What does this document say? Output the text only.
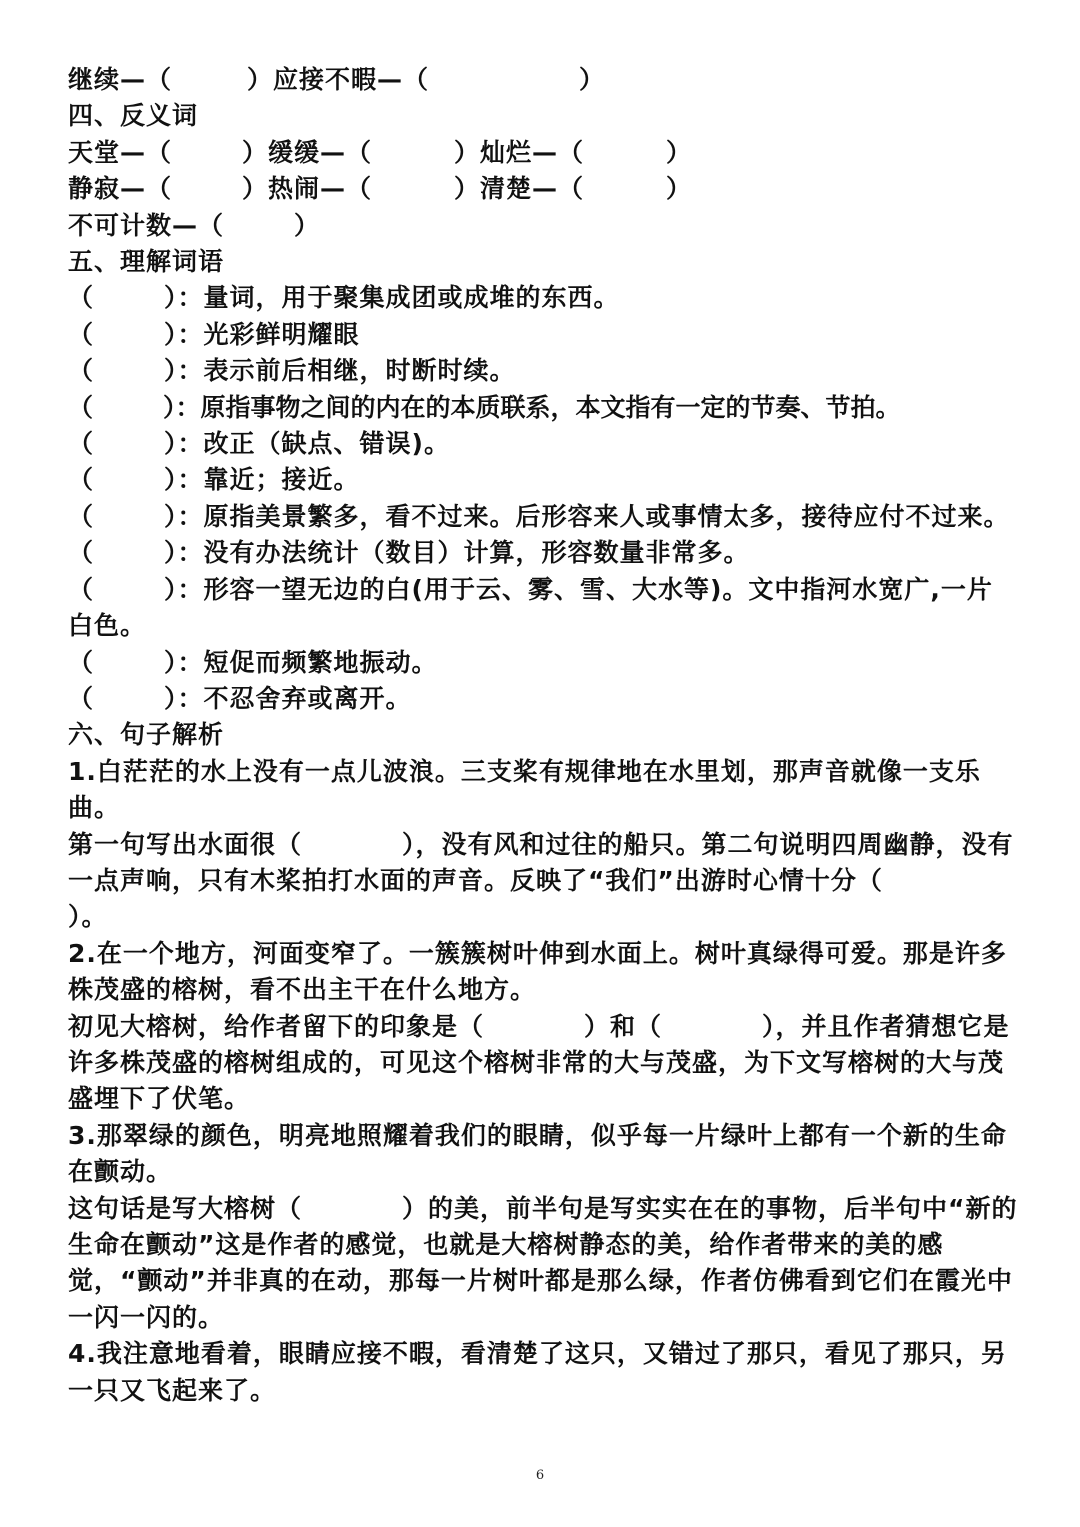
继续—（	）应接不暇—（	）
四、反义词
天堂—（	）缓缓—（	）灿烂—（	）
静寂—（	）热闹—（	）清楚—（	）
不可计数—（	）
五、理解词语
（	）：量词，用于聚集成团或成堆的东西。
（	）：光彩鲜明耀眼
（	）：表示前后相继，时断时续。
（	）：原指事物之间的内在的本质联系，本文指有一定的节奏、节拍。
（	）：改正（缺点、错误)。
（	）：靠近；接近。
（	）：原指美景繁多，看不过来。后形容来人或事情太多，接待应付不过来。
（	）：没有办法统计（数目）计算，形容数量非常多。
（	）：形容一望无边的白(用于云、雾、雪、大水等)。文中指河水宽广,一片白色。
（	）：短促而频繁地振动。
（	）：不忍舍弃或离开。
六、句子解析
1.白茫茫的水上没有一点儿波浪。三支桨有规律地在水里划，那声音就像一支乐曲。
第一句写出水面很（	），没有风和过往的船只。第二句说明四周幽静，没有一点声响，只有木桨拍打水面的声音。反映了“我们”出游时心情十分（）。
2.在一个地方，河面变窄了。一簇簇树叶伸到水面上。树叶真绿得可爱。那是许多株茂盛的榕树，看不出主干在什么地方。
初见大榕树，给作者留下的印象是（	）和（	），并且作者猜想它是许多株茂盛的榕树组成的，可见这个榕树非常的大与茂盛，为下文写榕树的大与茂盛埋下了伏笔。
3.那翠绿的颜色，明亮地照耀着我们的眼睛，似乎每一片绿叶上都有一个新的生命在颤动。
这句话是写大榕树（	）的美，前半句是写实实在在的事物，后半句中“新的生命在颤动”这是作者的感觉，也就是大榕树静态的美，给作者带来的美的感觉，“颤动”并非真的在动，那每一片树叶都是那么绿，作者仿佛看到它们在霞光中一闪一闪的。
4.我注意地看着，眼睛应接不暇，看清楚了这只，又错过了那只，看见了那只，另一只又飞起来了。
6
